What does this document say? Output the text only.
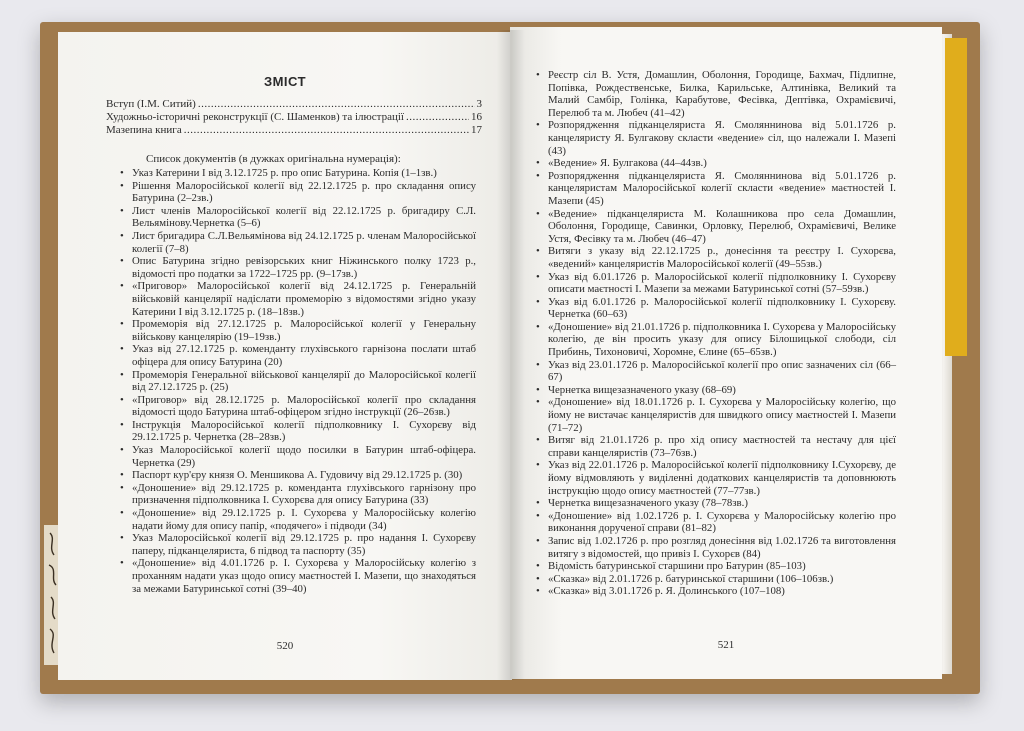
ЗМІСТ
Вступ (І.М. Ситий) .....	3
Художньо-історичні реконструкції (С. Шаменков) та ілюстрації .....	16
Мазепина книга .....	17
Список документів (в дужках оригінальна нумерація):
• Указ Катерини I від 3.12.1725 р. про опис Батурина. Копія (1–1зв.)
• Рішення Малоросійської колегії від 22.12.1725 р. про складання опису Батурина (2–2зв.)
• Лист членів Малоросійської колегії від 22.12.1725 р. бригадиру С.Л. Вельямінову.Чернетка (5–6)
• Лист бригадира С.Л.Вельямінова від 24.12.1725 р. членам Малоросійської колегії (7–8)
• Опис Батурина згідно ревізорських книг Ніжинського полку 1723 р., відомості про податки за 1722–1725 рр. (9–17зв.)
• «Приговор» Малоросійської колегії від 24.12.1725 р. Генеральній військовій канцелярії надіслати промеморію з відомостями згідно указу Катерини I від 3.12.1725 р. (18–18зв.)
• Промеморія від 27.12.1725 р. Малоросійської колегії у Генеральну військову канцелярію (19–19зв.)
• Указ від 27.12.1725 р. коменданту глухівського гарнізона послати штаб офіцера для опису Батурина (20)
• Промеморія Генеральної військової канцелярії до Малоросійської колегії від 27.12.1725 р. (25)
• «Приговор» від 28.12.1725 р. Малоросійської колегії про складання відомості щодо Батурина штаб-офіцером згідно інструкції (26–26зв.)
• Інструкція Малоросійської колегії підполковнику І. Сухорєву від 29.12.1725 р. Чернетка (28–28зв.)
• Указ Малоросійської колегії щодо посилки в Батурин штаб-офіцера. Чернетка (29)
• Паспорт кур'єру князя О. Меншикова А. Гудовичу від 29.12.1725 р. (30)
• «Доношение» від 29.12.1725 р. коменданта глухівського гарнізону про призначення підполковника І. Сухорєва для опису Батурина (33)
• «Доношение» від 29.12.1725 р. І. Сухорєва у Малоросійську колегію надати йому для опису папір, «подячего» і підводи (34)
• Указ Малоросійської колегії від 29.12.1725 р. про надання І. Сухорєву паперу, підканцеляриста, 6 підвод та паспорту (35)
• «Доношение» від 4.01.1726 р. І. Сухорєва у Малоросійську колегію з проханням надати указ щодо опису маєтностей І. Мазепи, що знаходяться за межами Батуринської сотні (39–40)
520
• Реєстр сіл В. Устя, Домашлин, Оболоння, Городище, Бахмач, Підлипне, Попівка, Рождественське, Билка, Карильське, Алтинівка, Великий та Малий Самбір, Голінка, Карабутове, Фесівка, Дептівка, Охрамієвичі, Перелюб та м. Любеч (41–42)
• Розпорядження підканцеляриста Я. Смоляннинова від 5.01.1726 р. канцеляристу Я. Булгакову скласти «ведение» сіл, що належали І. Мазепі (43)
• «Ведение» Я. Булгакова (44–44зв.)
• Розпорядження підканцеляриста Я. Смоляннинова від 5.01.1726 р. канцеляристам Малоросійської колегії скласти «ведение» маєтностей І. Мазепи (45)
• «Ведение» підканцеляриста М. Колашникова про села Домашлин, Оболоння, Городище, Савинки, Орловку, Перелюб, Охрамієвичі, Велике Устя, Фесівку та м. Любеч (46–47)
• Витяги з указу від 22.12.1725 р., донесіння та реєстру І. Сухорєва, «ведений» канцеляристів Малоросійської колегії (49–55зв.)
• Указ від 6.01.1726 р. Малоросійської колегії підполковнику І. Сухорєву описати маєтності І. Мазепи за межами Батуринської сотні (57–59зв.)
• Указ від 6.01.1726 р. Малоросійської колегії підполковнику І. Сухорєву. Чернетка (60–63)
• «Доношение» від 21.01.1726 р. підполковника І. Сухорєва у Малоросійську колегію, де він просить указу для опису Білошицької слободи, сіл Прибинь, Тихоновичі, Хоромне, Єлине (65–65зв.)
• Указ від 23.01.1726 р. Малоросійської колегії про опис зазначених сіл (66–67)
• Чернетка вищезазначеного указу (68–69)
• «Доношение» від 18.01.1726 р. І. Сухорєва у Малоросійську колегію, що йому не вистачає канцеляристів для швидкого опису маєтностей І. Мазепи (71–72)
• Витяг від 21.01.1726 р. про хід опису маєтностей та нестачу для цієї справи канцеляристів (73–76зв.)
• Указ від 22.01.1726 р. Малоросійської колегії підполковнику І.Сухорєву, де йому відмовляють у виділенні додаткових канцеляристів та доповнюють інструкцію щодо опису маєтностей (77–77зв.)
• Чернетка вищезазначеного указу (78–78зв.)
• «Доношение» від 1.02.1726 р. І. Сухорєва у Малоросійську колегію про виконання дорученої справи (81–82)
• Запис від 1.02.1726 р. про розгляд донесіння від 1.02.1726 та виготовлення витягу з відомостей, що привіз І. Сухорєв (84)
• Відомість батуринської старшини про Батурин (85–103)
• «Сказка» від 2.01.1726 р. батуринської старшини (106–106зв.)
• «Сказка» від 3.01.1726 р. Я. Долинського (107–108)
521
